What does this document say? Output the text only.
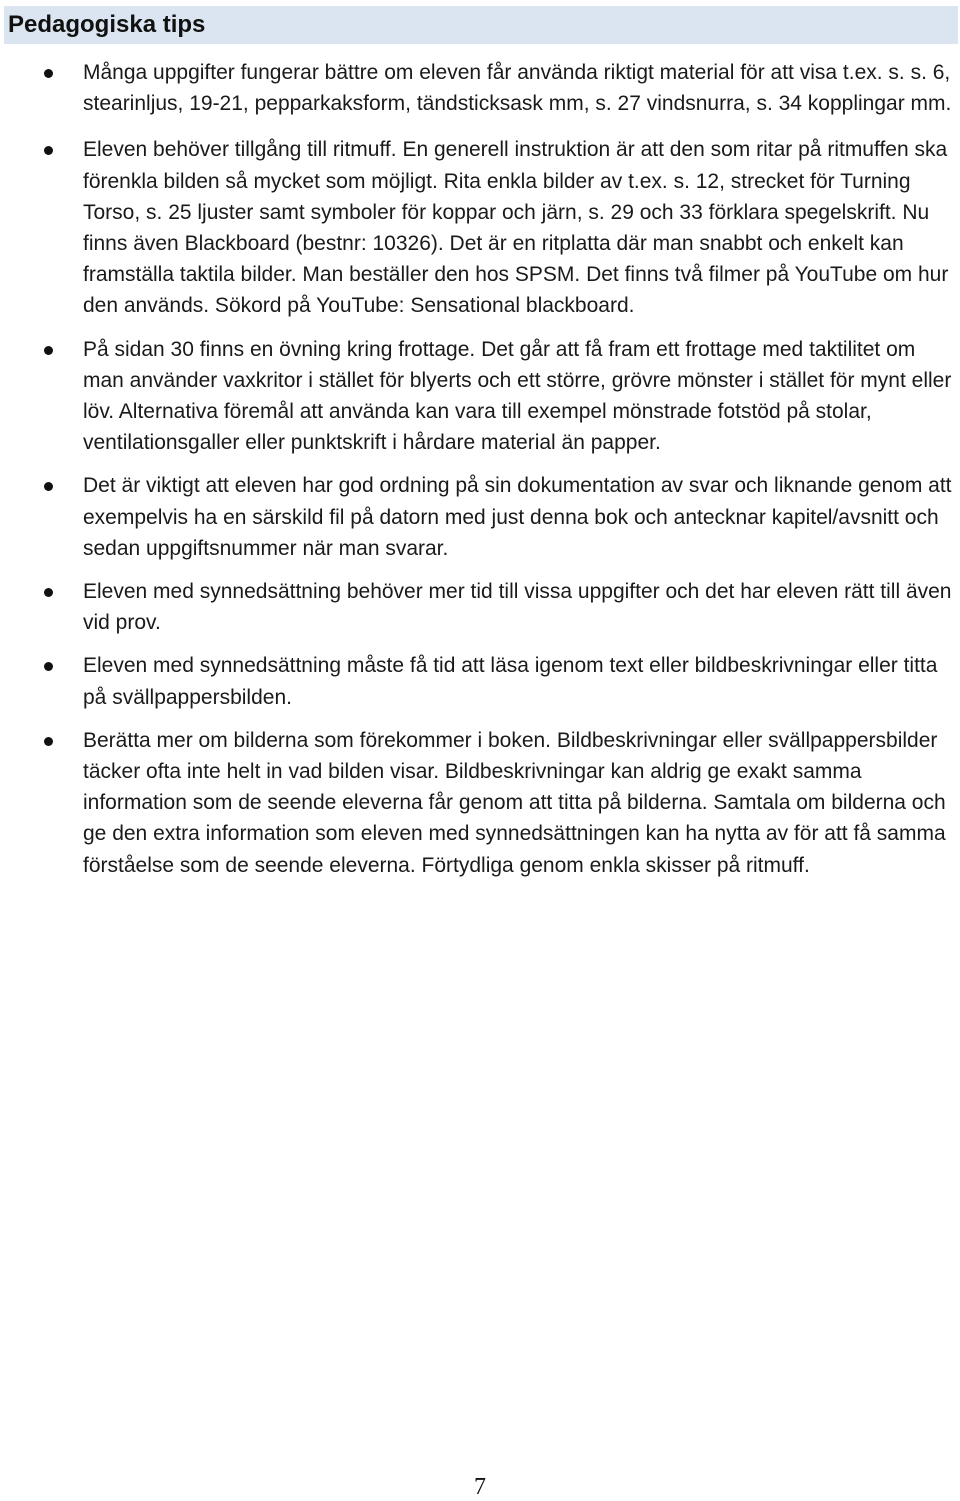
Pedagogiska tips
Många uppgifter fungerar bättre om eleven får använda riktigt material för att visa t.ex. s. s. 6, stearinljus, 19-21, pepparkaksform, tändsticksask mm, s. 27 vindsnurra, s. 34 kopplingar mm.
Eleven behöver tillgång till ritmuff. En generell instruktion är att den som ritar på ritmuffen ska förenkla bilden så mycket som möjligt. Rita enkla bilder av t.ex. s. 12, strecket för Turning Torso, s. 25 ljuster samt symboler för koppar och järn, s. 29 och 33 förklara spegelskrift. Nu finns även Blackboard (bestnr: 10326). Det är en ritplatta där man snabbt och enkelt kan framställa taktila bilder. Man beställer den hos SPSM. Det finns två filmer på YouTube om hur den används. Sökord på YouTube: Sensational blackboard.
På sidan 30 finns en övning kring frottage. Det går att få fram ett frottage med taktilitet om man använder vaxkritor i stället för blyerts och ett större, grövre mönster i stället för mynt eller löv. Alternativa föremål att använda kan vara till exempel mönstrade fotstöd på stolar, ventilationsgaller eller punktskrift i hårdare material än papper.
Det är viktigt att eleven har god ordning på sin dokumentation av svar och liknande genom att exempelvis ha en särskild fil på datorn med just denna bok och antecknar kapitel/avsnitt och sedan uppgiftsnummer när man svarar.
Eleven med synnedsättning behöver mer tid till vissa uppgifter och det har eleven rätt till även vid prov.
Eleven med synnedsättning måste få tid att läsa igenom text eller bildbeskrivningar eller titta på svällpappersbilden.
Berätta mer om bilderna som förekommer i boken. Bildbeskrivningar eller svällpappersbilder täcker ofta inte helt in vad bilden visar. Bildbeskrivningar kan aldrig ge exakt samma information som de seende eleverna får genom att titta på bilderna. Samtala om bilderna och ge den extra information som eleven med synnedsättningen kan ha nytta av för att få samma förståelse som de seende eleverna. Förtydliga genom enkla skisser på ritmuff.
7
